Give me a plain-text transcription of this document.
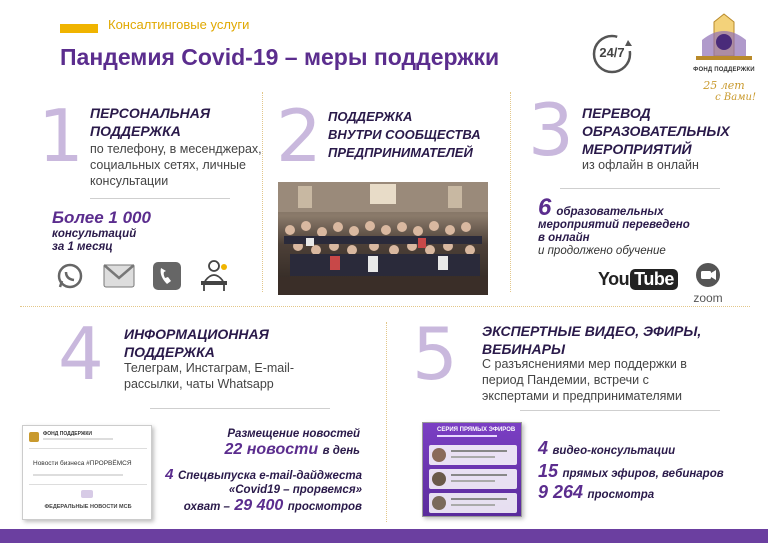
Консалтинговые услуги
Пандемия Covid-19 – меры поддержки	24/7
ФОНД ПОДДЕРЖКИ
25 лет
с Вами!
1 ПЕРСОНАЛЬНАЯ
ПОДДЕРЖКА
по телефону, в месенджерах, социальных сетях, личные консультации
Более 1 000
консультаций
за 1 месяц
2 ПОДДЕРЖКА
ВНУТРИ СООБЩЕСТВА
ПРЕДПРИНИМАТЕЛЕЙ 3 ПЕРЕВОД
ОБРАЗОВАТЕЛЬНЫХ
МЕРОПРИЯТИЙ
из офлайн в онлайн
6 образовательных
мероприятий переведено
в онлайн
и продолжено обучение
You Tube
zoom
4 ИНФОРМАЦИОННАЯ
ПОДДЕРЖКА
Телеграм, Инстаграм, E-mail-рассылки, чаты Whatsapp
ФОНД ПОДДЕРЖКИ
Новости бизнеса #ПРОРВЁМСЯ
ФЕДЕРАЛЬНЫЕ НОВОСТИ МСБ
Размещение новостей
22 новости в день
4 Спецвыпуска e-mail-дайджеста
«Covid19 – прорвемся»
охват – 29 400 просмотров
5 ЭКСПЕРТНЫЕ ВИДЕО, ЭФИРЫ,
ВЕБИНАРЫ
С разъяснениями мер поддержки в период Пандемии, встречи с экспертами и предпринимателями
СЕРИЯ ПРЯМЫХ ЭФИРОВ
4 видео-консультации
15 прямых эфиров, вебинаров
9 264 просмотра
